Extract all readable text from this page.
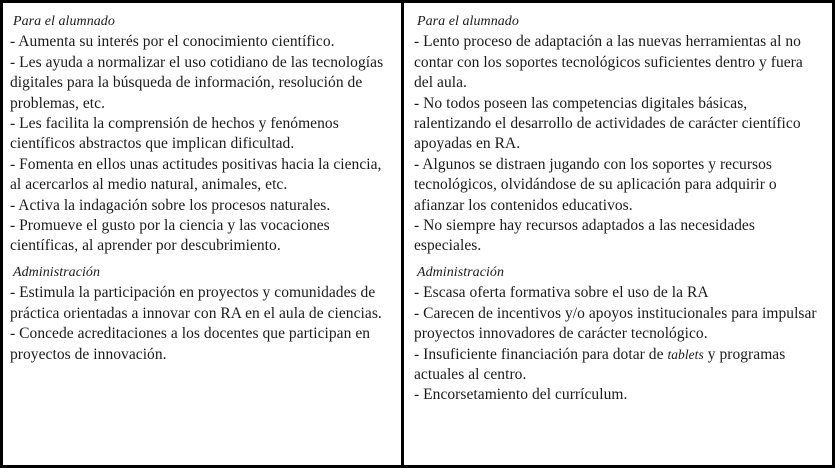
Para el alumnado
- Aumenta su interés por el conocimiento científico.
- Les ayuda a normalizar el uso cotidiano de las tecnologías digitales para la búsqueda de información, resolución de problemas, etc.
- Les facilita la comprensión de hechos y fenómenos científicos abstractos que implican dificultad.
- Fomenta en ellos unas actitudes positivas hacia la ciencia, al acercarlos al medio natural, animales, etc.
- Activa la indagación sobre los procesos naturales.
- Promueve el gusto por la ciencia y las vocaciones científicas, al aprender por descubrimiento.
Administración
- Estimula la participación en proyectos y comunidades de práctica orientadas a innovar con RA en el aula de ciencias.
- Concede acreditaciones a los docentes que participan en proyectos de innovación.
Para el alumnado
- Lento proceso de adaptación a las nuevas herramientas al no contar con los soportes tecnológicos suficientes dentro y fuera del aula.
- No todos poseen las competencias digitales básicas, ralentizando el desarrollo de actividades de carácter científico apoyadas en RA.
- Algunos se distraen jugando con los soportes y recursos tecnológicos, olvidándose de su aplicación para adquirir o afianzar los contenidos educativos.
- No siempre hay recursos adaptados a las necesidades especiales.
Administración
- Escasa oferta formativa sobre el uso de la RA
- Carecen de incentivos y/o apoyos institucionales para impulsar proyectos innovadores de carácter tecnológico.
- Insuficiente financiación para dotar de tablets y programas actuales al centro.
- Encorsetamiento del currículum.
